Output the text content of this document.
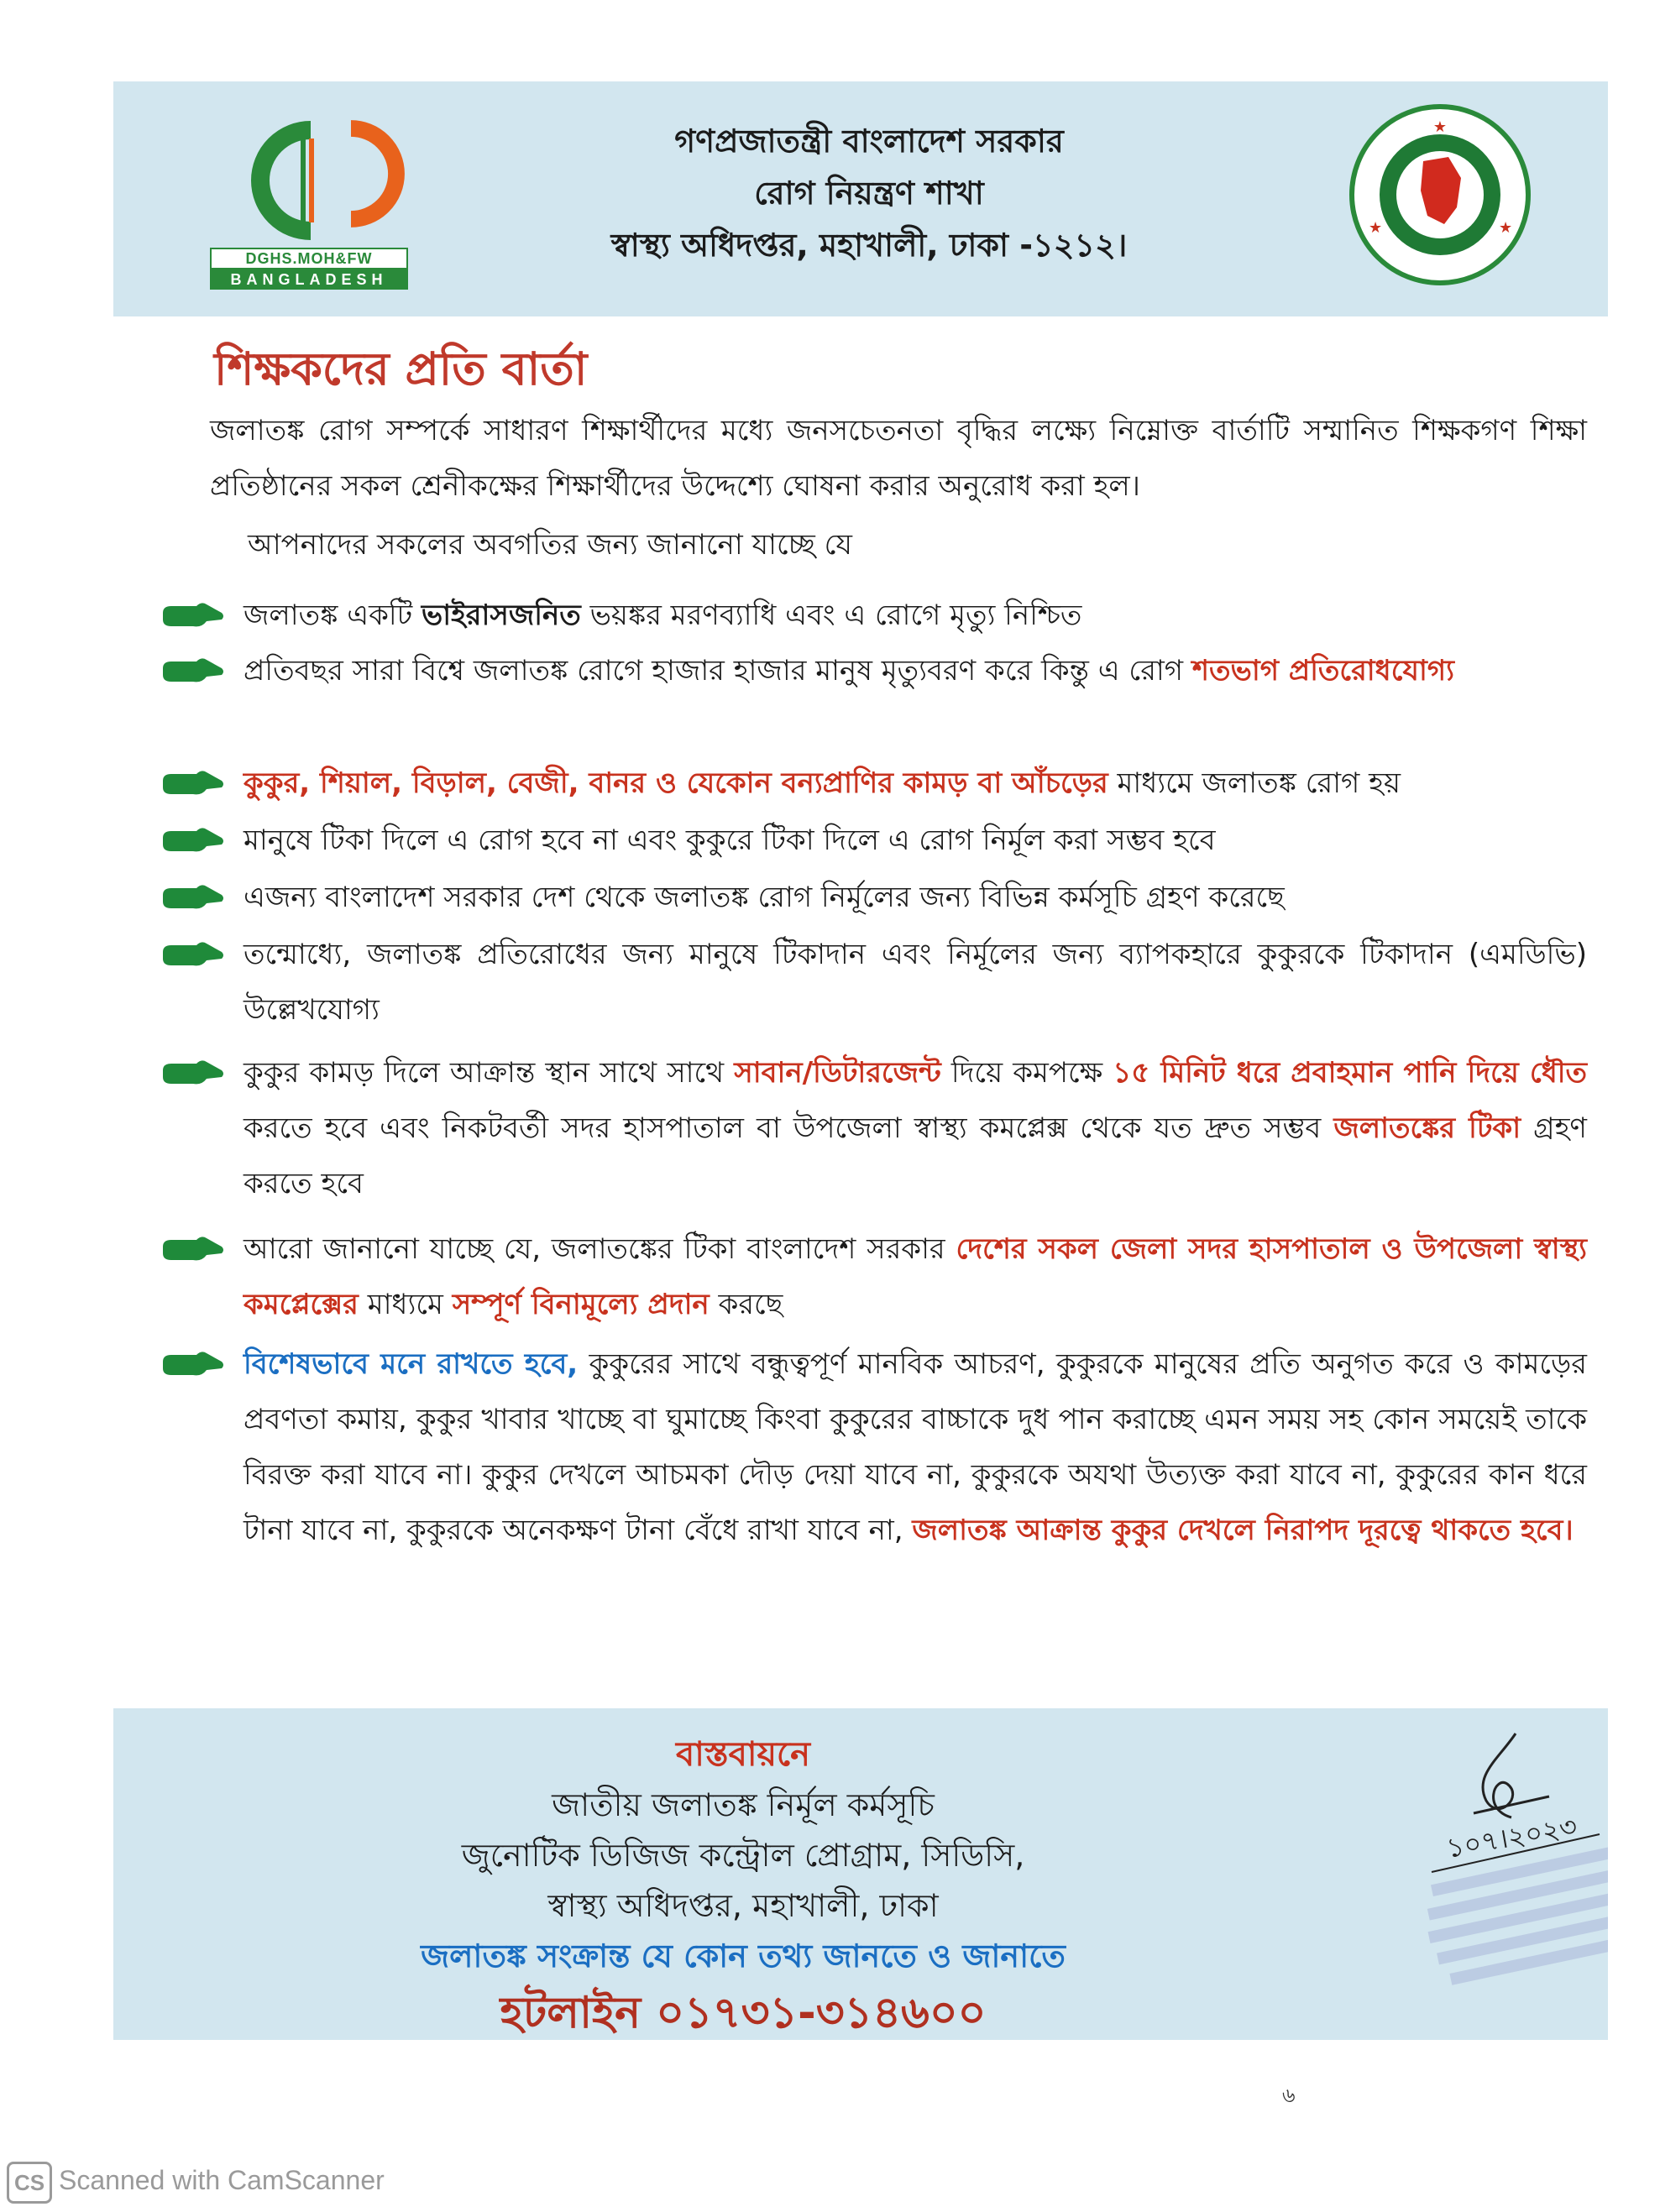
DGHS.MOH&FW
BANGLADESH
গণপ্রজাতন্ত্রী বাংলাদেশ সরকার
রোগ নিয়ন্ত্রণ শাখা
স্বাস্থ্য অধিদপ্তর, মহাখালী, ঢাকা -১২১২।
★
★	★
শিক্ষকদের প্রতি বার্তা
জলাতঙ্ক রোগ সম্পর্কে সাধারণ শিক্ষার্থীদের মধ্যে জনসচেতনতা বৃদ্ধির লক্ষ্যে নিম্নোক্ত বার্তাটি সম্মানিত শিক্ষকগণ শিক্ষা প্রতিষ্ঠানের সকল শ্রেনীকক্ষের শিক্ষার্থীদের উদ্দেশ্যে ঘোষনা করার অনুরোধ করা হল।
আপনাদের সকলের অবগতির জন্য জানানো যাচ্ছে যে
জলাতঙ্ক একটি ভাইরাসজনিত ভয়ঙ্কর মরণব্যাধি এবং এ রোগে মৃত্যু নিশ্চিত
প্রতিবছর সারা বিশ্বে জলাতঙ্ক রোগে হাজার হাজার মানুষ মৃত্যুবরণ করে কিন্তু এ রোগ শতভাগ প্রতিরোধযোগ্য
কুকুর, শিয়াল, বিড়াল, বেজী, বানর ও যেকোন বন্যপ্রাণির কামড় বা আঁচড়ের মাধ্যমে জলাতঙ্ক রোগ হয়
মানুষে টিকা দিলে এ রোগ হবে না এবং কুকুরে টিকা দিলে এ রোগ নির্মূল করা সম্ভব হবে
এজন্য বাংলাদেশ সরকার দেশ থেকে জলাতঙ্ক রোগ নির্মূলের জন্য বিভিন্ন কর্মসূচি গ্রহণ করেছে
তন্মোধ্যে, জলাতঙ্ক প্রতিরোধের জন্য মানুষে টিকাদান এবং নির্মূলের জন্য ব্যাপকহারে কুকুরকে টিকাদান (এমডিভি) উল্লেখযোগ্য
কুকুর কামড় দিলে আক্রান্ত স্থান সাথে সাথে সাবান/ডিটারজেন্ট দিয়ে কমপক্ষে ১৫ মিনিট ধরে প্রবাহমান পানি দিয়ে ধৌত করতে হবে এবং নিকটবর্তী সদর হাসপাতাল বা উপজেলা স্বাস্থ্য কমপ্লেক্স থেকে যত দ্রুত সম্ভব জলাতঙ্কের টিকা গ্রহণ করতে হবে
আরো জানানো যাচ্ছে যে, জলাতঙ্কের টিকা বাংলাদেশ সরকার দেশের সকল জেলা সদর হাসপাতাল ও উপজেলা স্বাস্থ্য কমপ্লেক্সের মাধ্যমে সম্পূর্ণ বিনামূল্যে প্রদান করছে
বিশেষভাবে মনে রাখতে হবে, কুকুরের সাথে বন্ধুত্বপূর্ণ মানবিক আচরণ, কুকুরকে মানুষের প্রতি অনুগত করে ও কামড়ের প্রবণতা কমায়, কুকুর খাবার খাচ্ছে বা ঘুমাচ্ছে কিংবা কুকুরের বাচ্চাকে দুধ পান করাচ্ছে এমন সময় সহ কোন সময়েই তাকে বিরক্ত করা যাবে না। কুকুর দেখলে আচমকা দৌড় দেয়া যাবে না, কুকুরকে অযথা উত্যক্ত করা যাবে না, কুকুরের কান ধরে টানা যাবে না, কুকুরকে অনেকক্ষণ টানা বেঁধে রাখা যাবে না, জলাতঙ্ক আক্রান্ত কুকুর দেখলে নিরাপদ দূরত্বে থাকতে হবে।
বাস্তবায়নে
জাতীয় জলাতঙ্ক নির্মূল কর্মসূচি
জুনোটিক ডিজিজ কন্ট্রোল প্রোগ্রাম, সিডিসি,
স্বাস্থ্য অধিদপ্তর, মহাখালী, ঢাকা
জলাতঙ্ক সংক্রান্ত যে কোন তথ্য জানতে ও জানাতে
হটলাইন ০১৭৩১-৩১৪৬০০
১০৭।২০২৩
৬
CS Scanned with CamScanner
